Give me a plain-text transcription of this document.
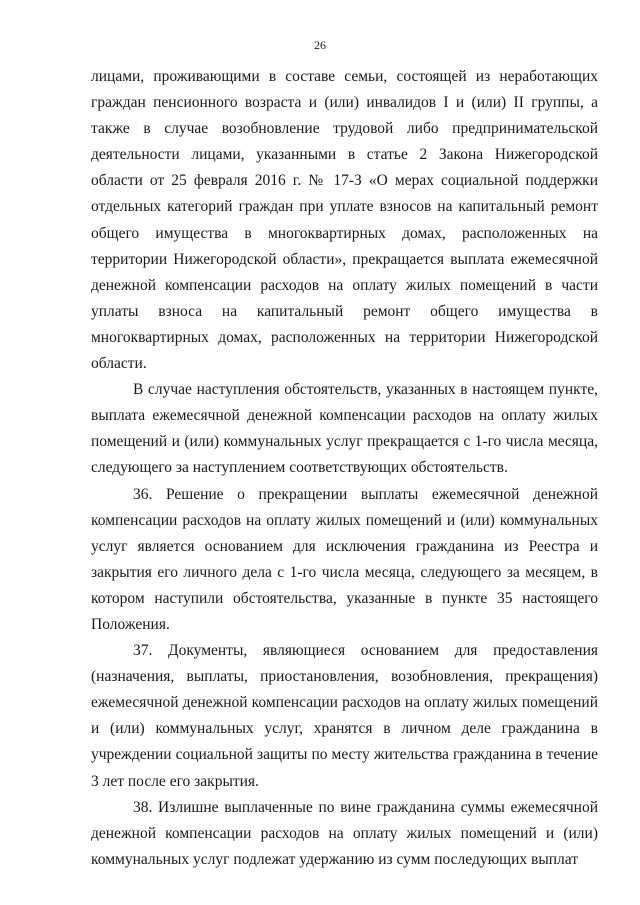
26

лицами, проживающими в составе семьи, состоящей из неработающих граждан пенсионного возраста и (или) инвалидов I и (или) II группы, а также в случае возобновление трудовой либо предпринимательской деятельности лицами, указанными в статье 2 Закона Нижегородской области от 25 февраля 2016 г. № 17-З «О мерах социальной поддержки отдельных категорий граждан при уплате взносов на капитальный ремонт общего имущества в многоквартирных домах, расположенных на территории Нижегородской области», прекращается выплата ежемесячной денежной компенсации расходов на оплату жилых помещений в части уплаты взноса на капитальный ремонт общего имущества в многоквартирных домах, расположенных на территории Нижегородской области.

В случае наступления обстоятельств, указанных в настоящем пункте, выплата ежемесячной денежной компенсации расходов на оплату жилых помещений и (или) коммунальных услуг прекращается с 1-го числа месяца, следующего за наступлением соответствующих обстоятельств.

36. Решение о прекращении выплаты ежемесячной денежной компенсации расходов на оплату жилых помещений и (или) коммунальных услуг является основанием для исключения гражданина из Реестра и закрытия его личного дела с 1-го числа месяца, следующего за месяцем, в котором наступили обстоятельства, указанные в пункте 35 настоящего Положения.

37. Документы, являющиеся основанием для предоставления (назначения, выплаты, приостановления, возобновления, прекращения) ежемесячной денежной компенсации расходов на оплату жилых помещений и (или) коммунальных услуг, хранятся в личном деле гражданина в учреждении социальной защиты по месту жительства гражданина в течение 3 лет после его закрытия.

38. Излишне выплаченные по вине гражданина суммы ежемесячной денежной компенсации расходов на оплату жилых помещений и (или) коммунальных услуг подлежат удержанию из сумм последующих выплат
